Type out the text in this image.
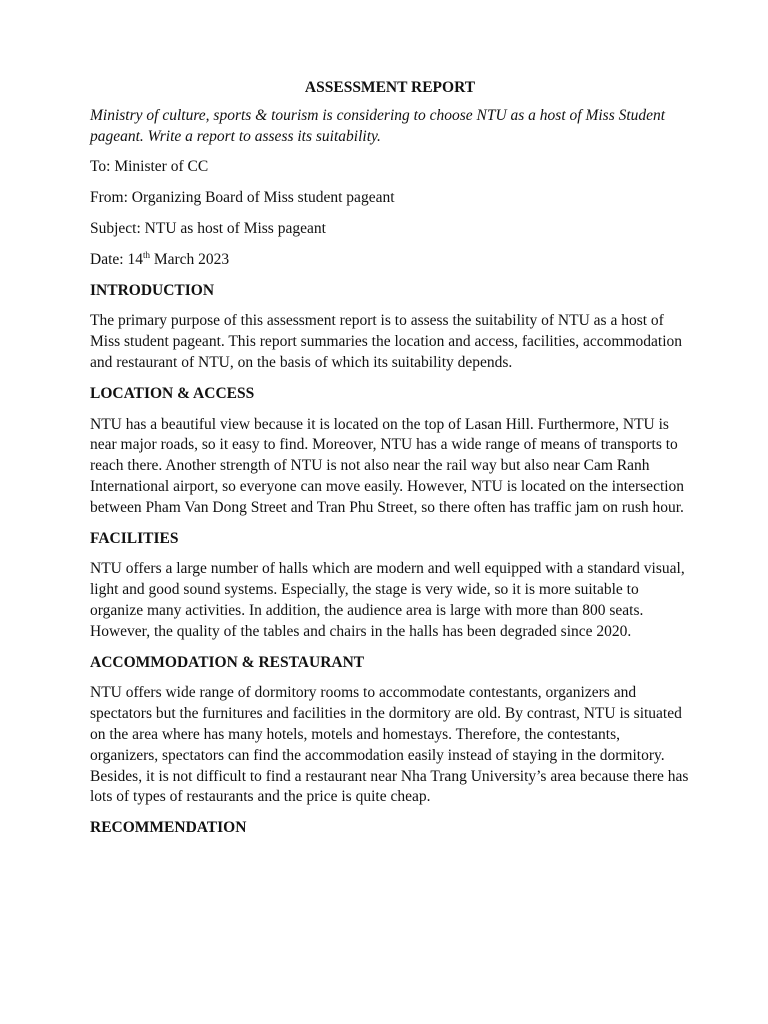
ASSESSMENT REPORT

Ministry of culture, sports & tourism is considering to choose NTU as a host of Miss Student pageant. Write a report to assess its suitability.

To: Minister of CC

From: Organizing Board of Miss student pageant

Subject: NTU as host of Miss pageant

Date: 14th March 2023

INTRODUCTION

The primary purpose of this assessment report is to assess the suitability of NTU as a host of Miss student pageant. This report summaries the location and access, facilities, accommodation and restaurant of NTU, on the basis of which its suitability depends.

LOCATION & ACCESS

NTU has a beautiful view because it is located on the top of Lasan Hill. Furthermore, NTU is near major roads, so it easy to find. Moreover, NTU has a wide range of means of transports to reach there. Another strength of NTU is not also near the rail way but also near Cam Ranh International airport, so everyone can move easily. However, NTU is located on the intersection between Pham Van Dong Street and Tran Phu Street, so there often has traffic jam on rush hour.

FACILITIES

NTU offers a large number of halls which are modern and well equipped with a standard visual, light and good sound systems. Especially, the stage is very wide, so it is more suitable to organize many activities. In addition, the audience area is large with more than 800 seats. However, the quality of the tables and chairs in the halls has been degraded since 2020.

ACCOMMODATION & RESTAURANT

NTU offers wide range of dormitory rooms to accommodate contestants, organizers and spectators but the furnitures and facilities in the dormitory are old. By contrast, NTU is situated on the area where has many hotels, motels and homestays. Therefore, the contestants, organizers, spectators can find the accommodation easily instead of staying in the dormitory. Besides, it is not difficult to find a restaurant near Nha Trang University’s area because there has lots of types of restaurants and the price is quite cheap.

RECOMMENDATION
